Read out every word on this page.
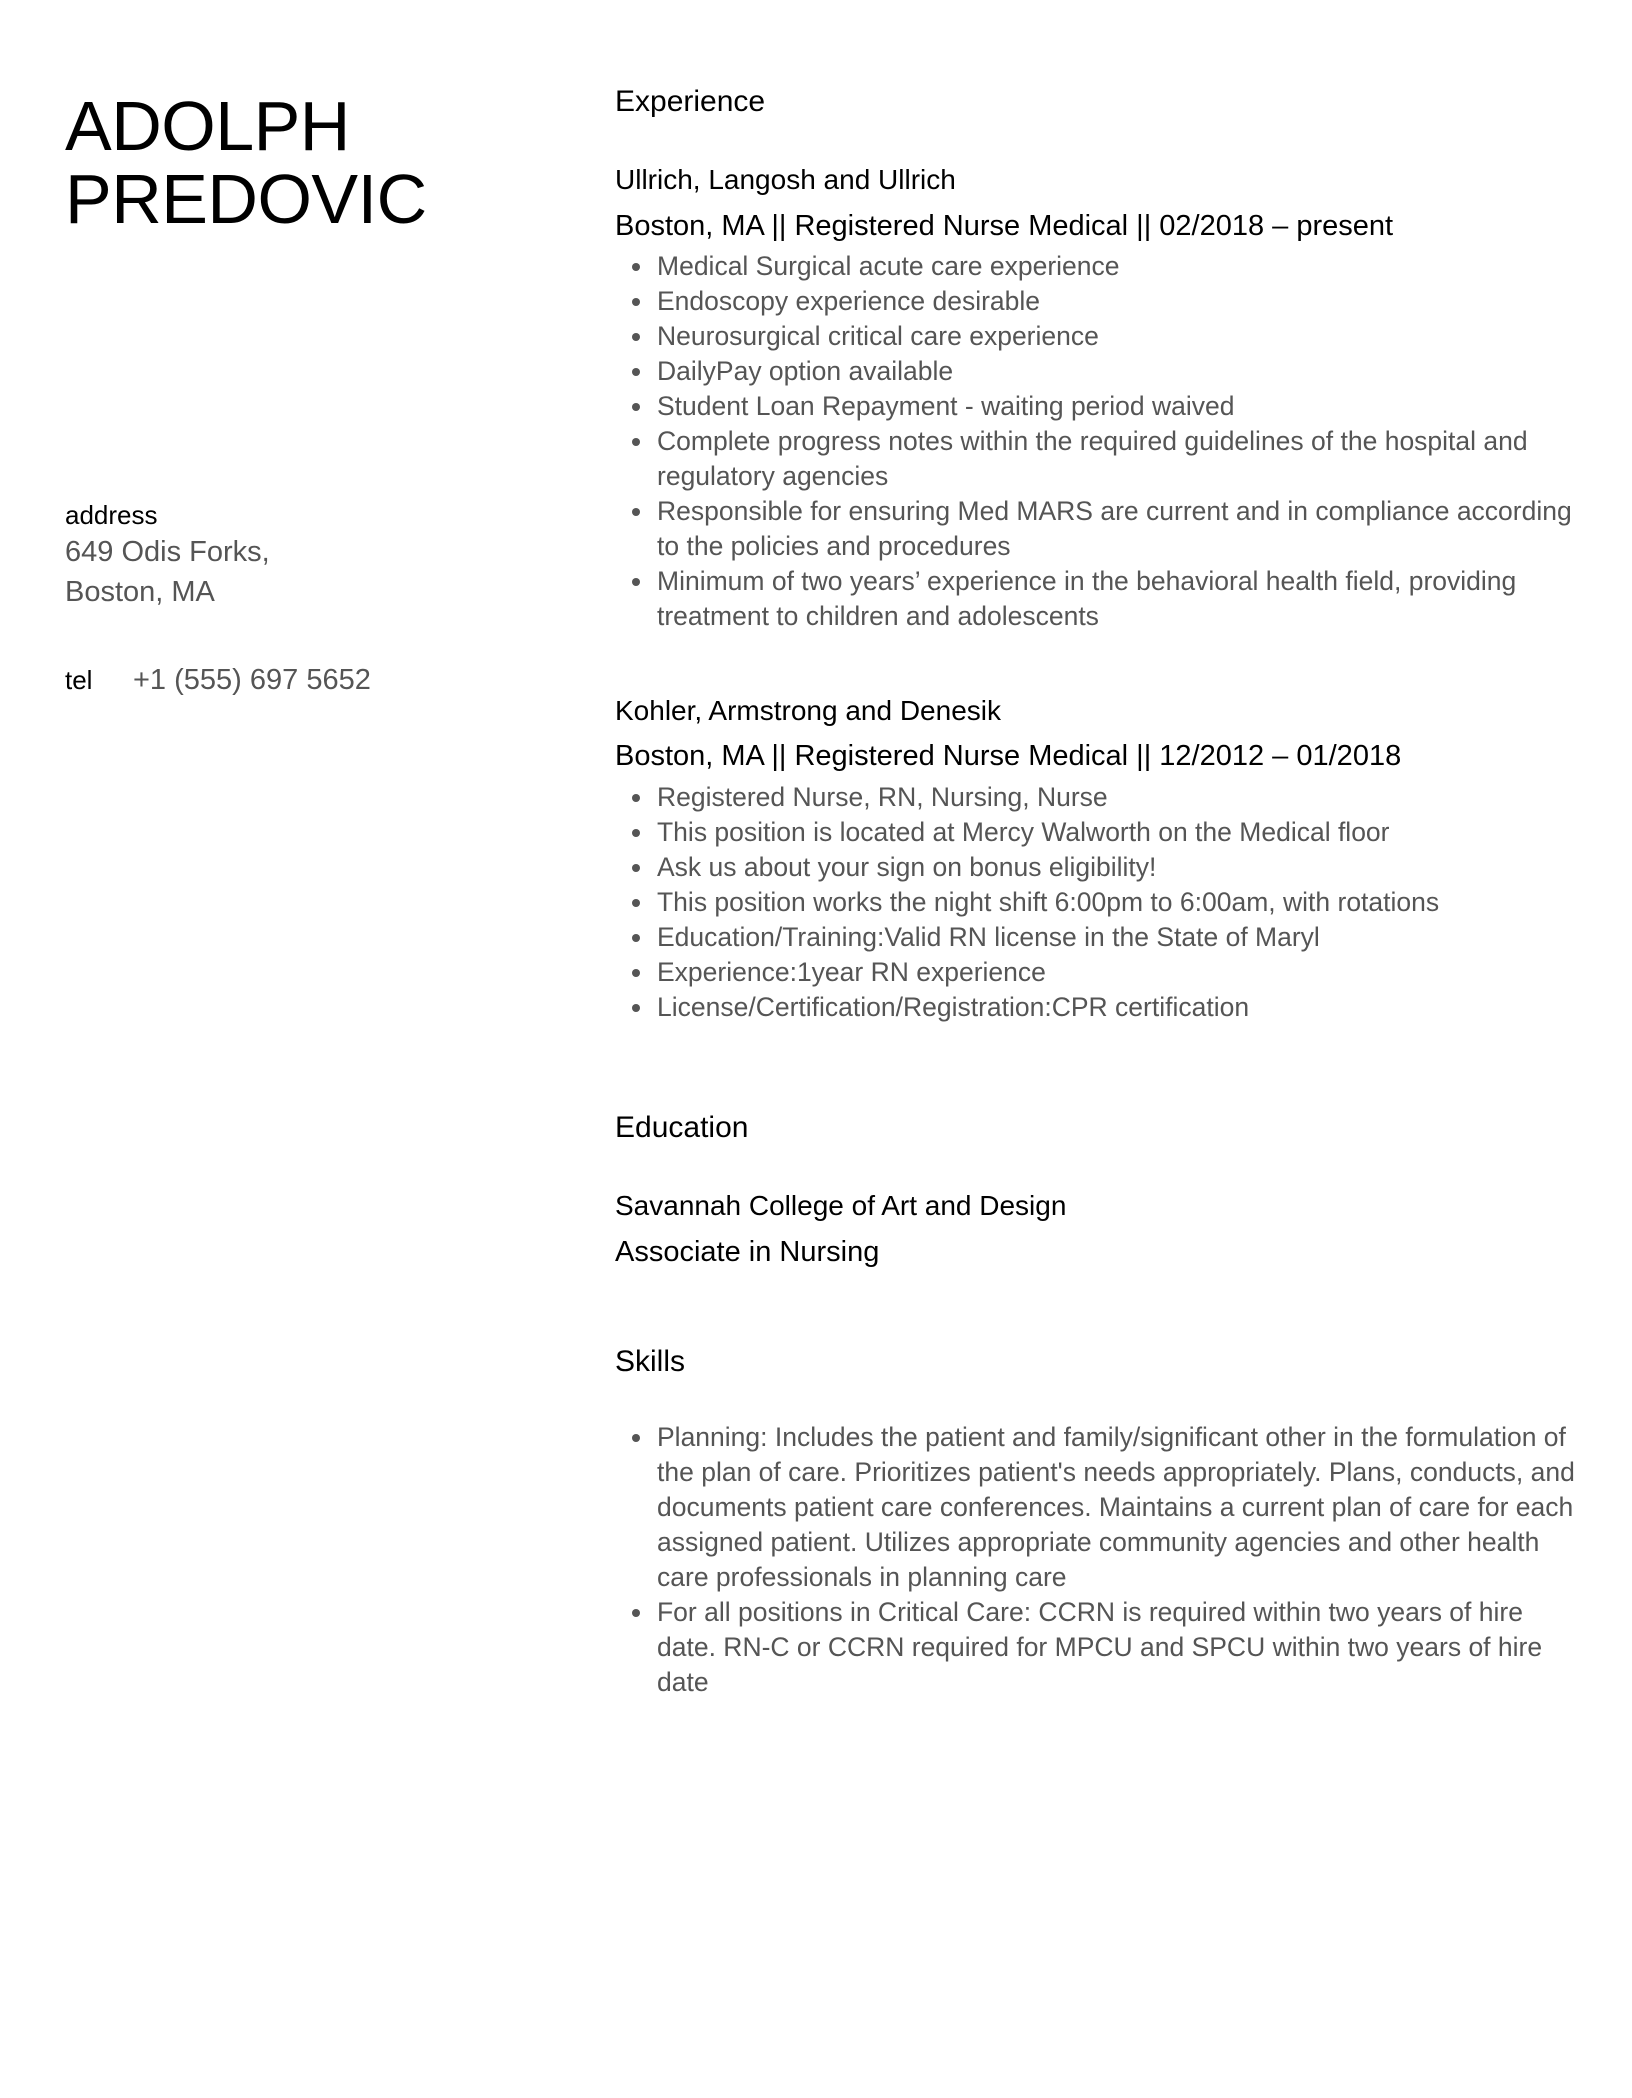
ADOLPH
PREDOVIC
address
649 Odis Forks,
Boston, MA
tel	+1 (555) 697 5652
Experience
Ullrich, Langosh and Ullrich
Boston, MA || Registered Nurse Medical || 02/2018 – present
Medical Surgical acute care experience
Endoscopy experience desirable
Neurosurgical critical care experience
DailyPay option available
Student Loan Repayment - waiting period waived
Complete progress notes within the required guidelines of the hospital and regulatory agencies
Responsible for ensuring Med MARS are current and in compliance according to the policies and procedures
Minimum of two years’ experience in the behavioral health field, providing treatment to children and adolescents
Kohler, Armstrong and Denesik
Boston, MA || Registered Nurse Medical || 12/2012 – 01/2018
Registered Nurse, RN, Nursing, Nurse
This position is located at Mercy Walworth on the Medical floor
Ask us about your sign on bonus eligibility!
This position works the night shift 6:00pm to 6:00am, with rotations
Education/Training:Valid RN license in the State of Maryl
Experience:1year RN experience
License/Certification/Registration:CPR certification
Education
Savannah College of Art and Design
Associate in Nursing
Skills
Planning: Includes the patient and family/significant other in the formulation of the plan of care. Prioritizes patient's needs appropriately. Plans, conducts, and documents patient care conferences. Maintains a current plan of care for each assigned patient. Utilizes appropriate community agencies and other health care professionals in planning care
For all positions in Critical Care: CCRN is required within two years of hire date. RN-C or CCRN required for MPCU and SPCU within two years of hire date
